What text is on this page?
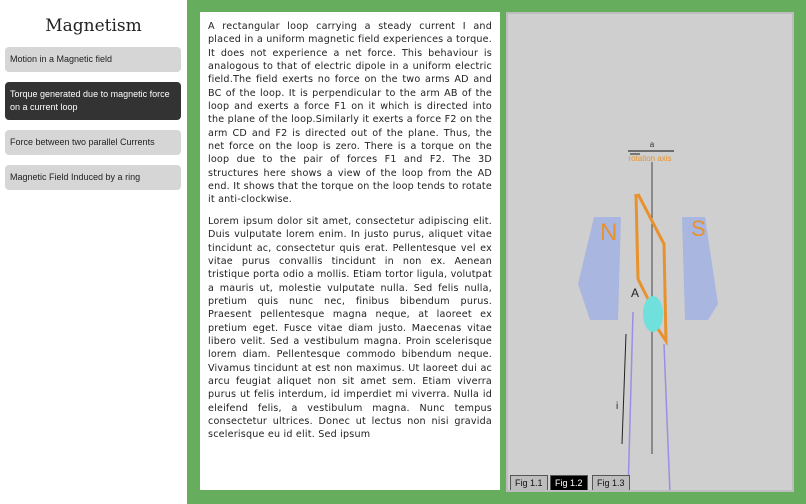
Magnetism
Motion in a Magnetic field
Torque generated due to magnetic force on a current loop
Force between two parallel Currents
Magnetic Field Induced by a ring

A rectangular loop carrying a steady current I and placed in a uniform magnetic field experiences a torque. It does not experience a net force. This behaviour is analogous to that of electric dipole in a uniform electric field.The field exerts no force on the two arms AD and BC of the loop. It is perpendicular to the arm AB of the loop and exerts a force F1 on it which is directed into the plane of the loop.Similarly it exerts a force F2 on the arm CD and F2 is directed out of the plane. Thus, the net force on the loop is zero. There is a torque on the loop due to the pair of forces F1 and F2. The 3D structures here shows a view of the loop from the AD end. It shows that the torque on the loop tends to rotate it anti-clockwise.

Lorem ipsum dolor sit amet, consectetur adipiscing elit. Duis vulputate lorem enim. In justo purus, aliquet vitae tincidunt ac, consectetur quis erat. Pellentesque vel ex vitae purus convallis tincidunt in non ex. Aenean tristique porta odio a mollis. Etiam tortor ligula, volutpat a mauris ut, molestie vulputate nulla. Sed felis nulla, pretium quis nunc nec, finibus bibendum purus. Praesent pellentesque magna neque, at laoreet ex pretium eget. Fusce vitae diam justo. Maecenas vitae libero velit. Sed a vestibulum magna. Proin scelerisque lorem diam. Pellentesque commodo bibendum neque. Vivamus tincidunt at est non maximus. Ut laoreet dui ac arcu feugiat aliquet non sit amet sem. Etiam viverra purus ut felis interdum, id imperdiet mi viverra. Nulla id eleifend felis, a vestibulum magna. Nunc tempus consectetur ultrices. Donec ut lectus non nisi gravida scelerisque eu id elit. Sed ipsum

a
rotation axis
N	S
A
i
Fig 1.1	Fig 1.2	Fig 1.3
